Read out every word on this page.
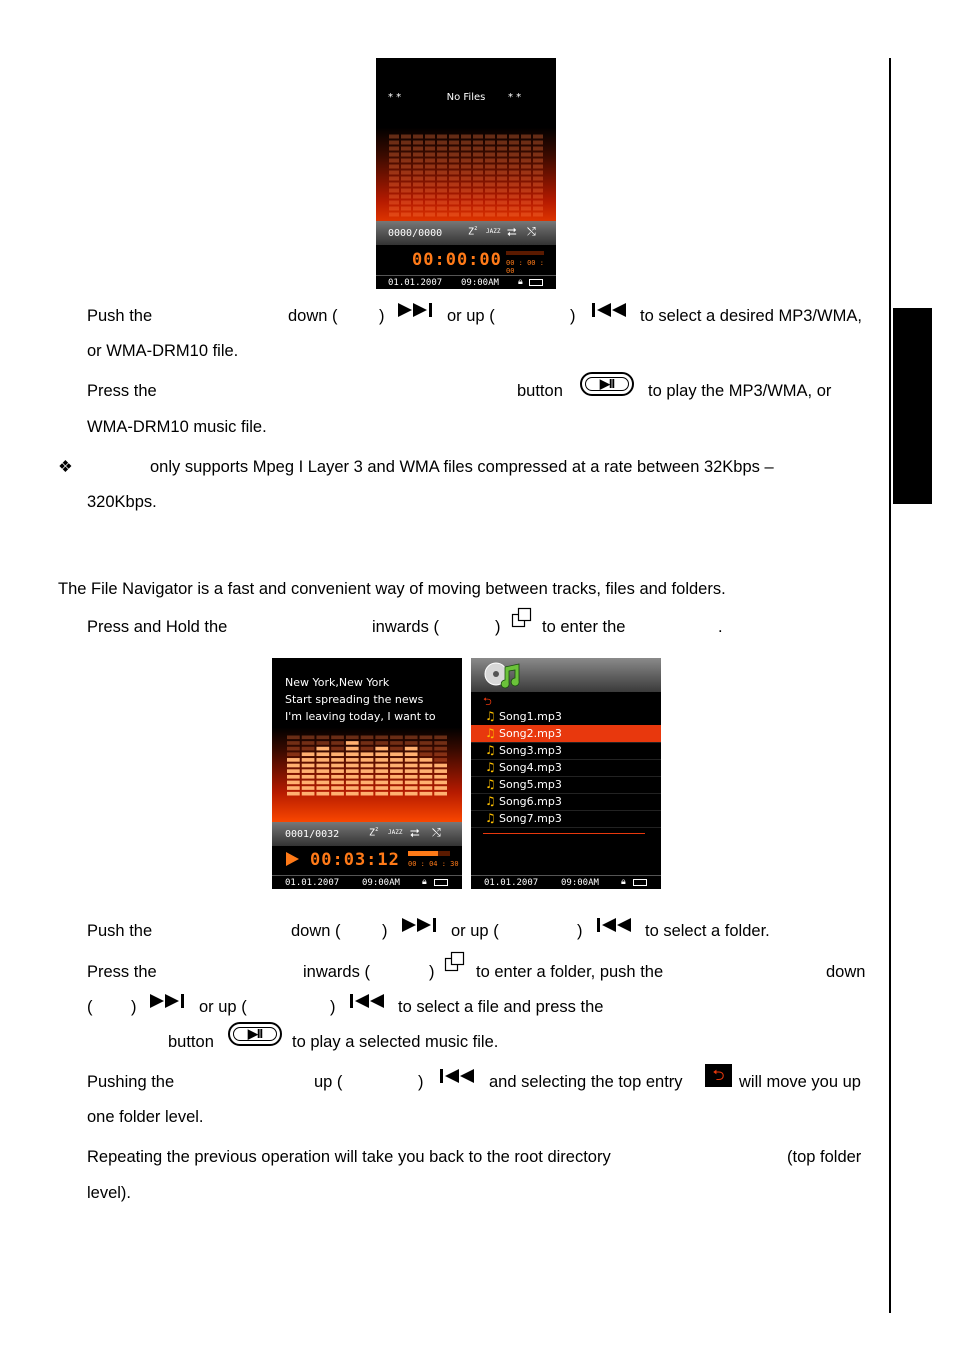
* *	No Files	* *
0000/0000	$Z^z$ JAZZ ⮂ ⤭
00:00:00 00 : 00 : 00
01.01.2007 09:00AM 🔒︎
Push the	down (	)	or up (	)	to select a desired MP3/WMA,
or WMA-DRM10 file.
Press the	button	▶II	to play the MP3/WMA, or
WMA-DRM10 music file.
❖	only supports Mpeg I Layer 3 and WMA files compressed at a rate between 32Kbps –
320Kbps.
The File Navigator is a fast and convenient way of moving between tracks, files and folders.
Press and Hold the	inwards (	)	to enter the	.
New York,New York
Start spreading the news
I'm leaving today, I want to
0001/0032	$Z^z$ JAZZ ⮂ ⤭
00:03:12 00 : 04 : 30
01.01.2007	09:00AM 🔒︎
⮌
♫ Song1.mp3
♫ Song2.mp3
♫ Song3.mp3
♫ Song4.mp3
♫ Song5.mp3
♫ Song6.mp3
♫ Song7.mp3
01.01.2007	09:00AM 🔒︎
Push the	down (	)	or up (	)	to select a folder.
Press the	inwards (	)	to enter a folder, push the	down
( )	or up (	)	to select a file and press the
button	▶II	to play a selected music file.
Pushing the	up (	)	and selecting the top entry	⮌ will move you up
one folder level.
Repeating the previous operation will take you back to the root directory	(top folder
level).
